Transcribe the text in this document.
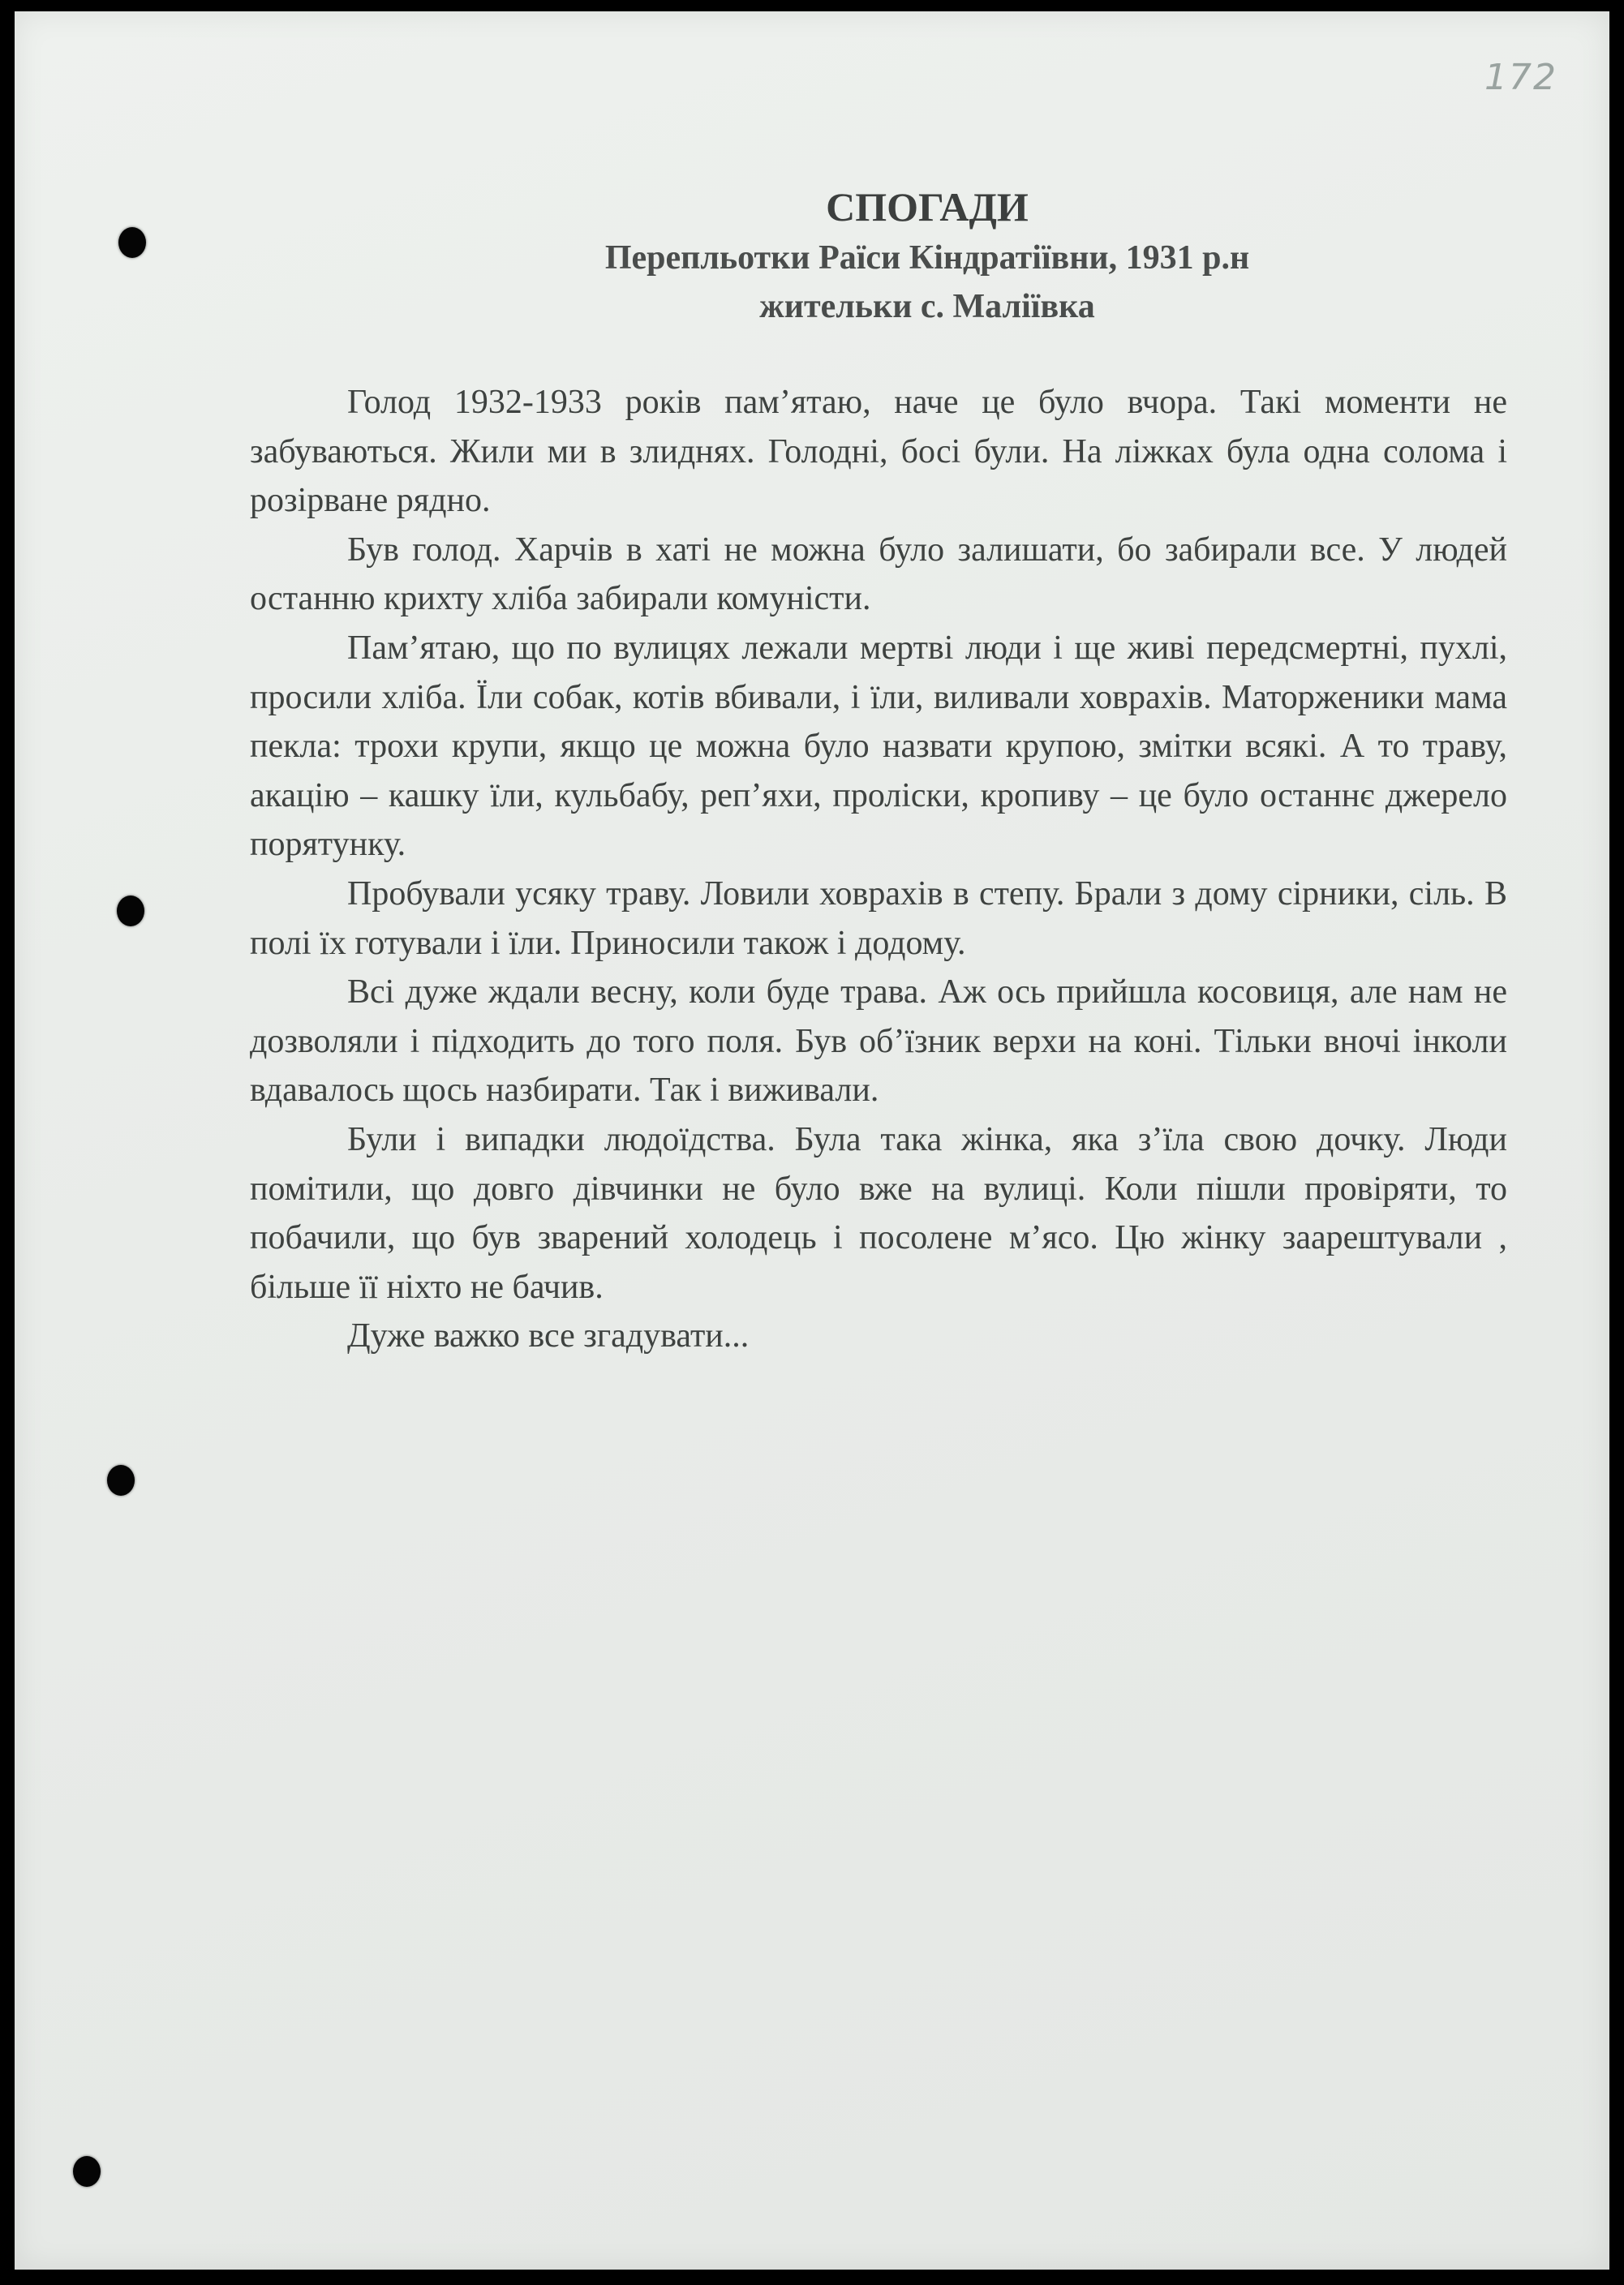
172
СПОГАДИ
Перепльотки Раїси Кіндратіївни, 1931 р.н
жительки с. Маліївка

Голод 1932-1933 років пам’ятаю, наче це було вчора. Такі моменти не забуваються. Жили ми в злиднях. Голодні, босі були. На ліжках була одна солома і розірване рядно.

Був голод. Харчів в хаті не можна було залишати, бо забирали все. У людей останню крихту хліба забирали комуністи.

Пам’ятаю, що по вулицях лежали мертві люди і ще живі передсмертні, пухлі, просили хліба. Їли собак, котів вбивали, і їли, виливали ховрахів. Маторженики мама пекла: трохи крупи, якщо це можна було назвати крупою, змітки всякі. А то траву, акацію – кашку їли, кульбабу, реп’яхи, проліски, кропиву – це було останнє джерело порятунку.

Пробували усяку траву. Ловили ховрахів в степу. Брали з дому сірники, сіль. В полі їх готували і їли. Приносили також і додому.

Всі дуже ждали весну, коли буде трава. Аж ось прийшла косовиця, але нам не дозволяли і підходить до того поля. Був об’їзник верхи на коні. Тільки вночі інколи вдавалось щось назбирати. Так і виживали.

Були і випадки людоїдства. Була така жінка, яка з’їла свою дочку. Люди помітили, що довго дівчинки не було вже на вулиці. Коли пішли провіряти, то побачили, що був зварений холодець і посолене м’ясо. Цю жінку заарештували , більше її ніхто не бачив.

Дуже важко все згадувати...
